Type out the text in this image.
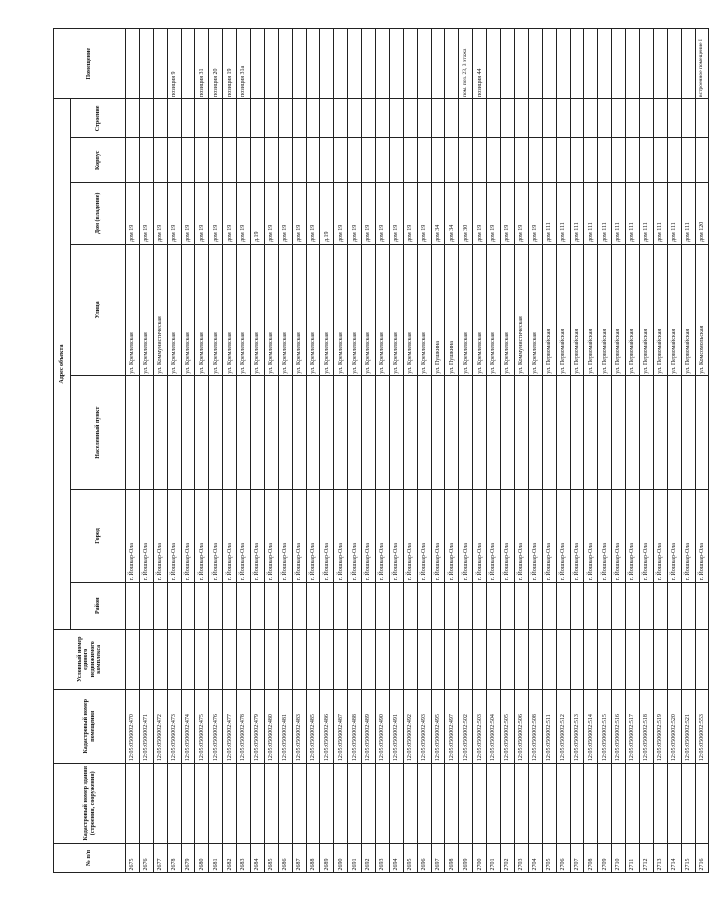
№ п/п	Кадастровый номер здания (строения, сооружения)	Кадастровый номер помещения	Условный номер единого недвижимого комплекса	Адрес объекта							Помещение
				Район	Город	Населенный пункт	Улица	Дом (владение)	Корпус	Строение	
2675		12:05:0506002:470			г. Йошкар-Ола		ул. Кремлевская	дом 19			
2676		12:05:0506002:471			г. Йошкар-Ола		ул. Кремлевская	дом 19			
2677		12:05:0506002:472			г. Йошкар-Ола		ул. Коммунистическая	дом 19			
2678		12:05:0506002:473			г. Йошкар-Ола		ул. Кремлевская	дом 19			позиция 9
2679		12:05:0506002:474			г. Йошкар-Ола		ул. Кремлевская	дом 19			
2680		12:05:0506002:475			г. Йошкар-Ола		ул. Кремлевская	дом 19			позиция 31
2681		12:05:0506002:476			г. Йошкар-Ола		ул. Кремлевская	дом 19			позиция 20
2682		12:05:0506002:477			г. Йошкар-Ола		ул. Кремлевская	дом 19			позиция 19
2683		12:05:0506002:478			г. Йошкар-Ола		ул. Кремлевская	дом 19			позиция 31а
2684		12:05:0506002:479			г. Йошкар-Ола		ул. Кремлевская	д.19			
2685		12:05:0506002:480			г. Йошкар-Ола		ул. Кремлевская	дом 19			
2686		12:05:0506002:481			г. Йошкар-Ола		ул. Кремлевская	дом 19			
2687		12:05:0506002:483			г. Йошкар-Ола		ул. Кремлевская	дом 19			
2688		12:05:0506002:485			г. Йошкар-Ола		ул. Кремлевская	дом 19			
2689		12:05:0506002:486			г. Йошкар-Ола		ул. Кремлевская	д.19			
2690		12:05:0506002:487			г. Йошкар-Ола		ул. Кремлевская	дом 19			
2691		12:05:0506002:488			г. Йошкар-Ола		ул. Кремлевская	дом 19			
2692		12:05:0506002:489			г. Йошкар-Ола		ул. Кремлевская	дом 19			
2693		12:05:0506002:490			г. Йошкар-Ола		ул. Кремлевская	дом 19			
2694		12:05:0506002:491			г. Йошкар-Ола		ул. Кремлевская	дом 19			
2695		12:05:0506002:492			г. Йошкар-Ола		ул. Кремлевская	дом 19			
2696		12:05:0506002:493			г. Йошкар-Ола		ул. Кремлевская	дом 19			
2697		12:05:0506002:495			г. Йошкар-Ола		ул. Пушкина	дом 34			
2698		12:05:0506002:497			г. Йошкар-Ола		ул. Пушкина	дом 34			
2699		12:05:0506002:502			г. Йошкар-Ола		ул. Кремлевская	дом 30			пом. поз. 23, 3 этажа
2700		12:05:0506002:503			г. Йошкар-Ола		ул. Кремлевская	дом 19			позиция 44
2701		12:05:0506002:504			г. Йошкар-Ола		ул. Кремлевская	дом 19			
2702		12:05:0506002:505			г. Йошкар-Ола		ул. Кремлевская	дом 19			
2703		12:05:0506002:506			г. Йошкар-Ола		ул. Коммунистическая	дом 19			
2704		12:05:0506002:508			г. Йошкар-Ола		ул. Кремлевская	дом 19			
2705		12:05:0506002:511			г. Йошкар-Ола		ул. Первомайская	дом 111			
2706		12:05:0506002:512			г. Йошкар-Ола		ул. Первомайская	дом 111			
2707		12:05:0506002:513			г. Йошкар-Ола		ул. Первомайская	дом 111			
2708		12:05:0506002:514			г. Йошкар-Ола		ул. Первомайская	дом 111			
2709		12:05:0506002:515			г. Йошкар-Ола		ул. Первомайская	дом 111			
2710		12:05:0506002:516			г. Йошкар-Ола		ул. Первомайская	дом 111			
2711		12:05:0506002:517			г. Йошкар-Ола		ул. Первомайская	дом 111			
2712		12:05:0506002:518			г. Йошкар-Ола		ул. Первомайская	дом 111			
2713		12:05:0506002:519			г. Йошкар-Ола		ул. Первомайская	дом 111			
2714		12:05:0506002:520			г. Йошкар-Ола		ул. Первомайская	дом 111			
2715		12:05:0506002:521			г. Йошкар-Ола		ул. Первомайская	дом 111			
2716		12:05:0506002:553			г. Йошкар-Ола		ул. Комсомольская	дом 120			встроенное помещение I
